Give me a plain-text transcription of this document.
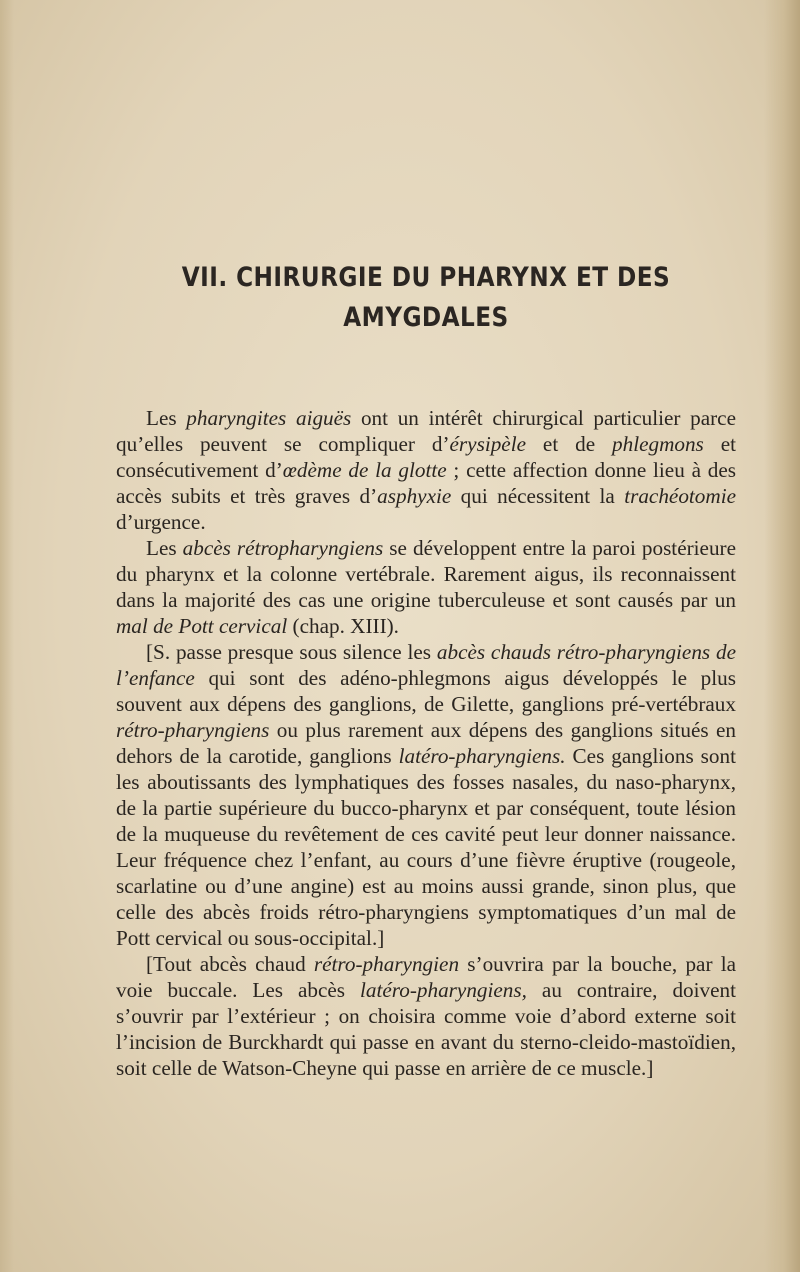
VII. CHIRURGIE DU PHARYNX ET DES
AMYGDALES

Les pharyngites aiguës ont un intérêt chirurgical particulier parce qu’elles peuvent se compliquer d’érysipèle et de phlegmons et consécutivement d’œdème de la glotte ; cette affection donne lieu à des accès subits et très graves d’asphyxie qui nécessitent la trachéotomie d’urgence.

Les abcès rétropharyngiens se développent entre la paroi postérieure du pharynx et la colonne vertébrale. Rarement aigus, ils reconnaissent dans la majorité des cas une origine tuberculeuse et sont causés par un mal de Pott cervical (chap. XIII).

[S. passe presque sous silence les abcès chauds rétro-pharyngiens de l’enfance qui sont des adéno-phlegmons aigus développés le plus souvent aux dépens des ganglions, de Gilette, ganglions pré-vertébraux rétro-pharyngiens ou plus rarement aux dépens des ganglions situés en dehors de la carotide, ganglions latéro-pharyngiens. Ces ganglions sont les aboutissants des lymphatiques des fosses nasales, du naso-pharynx, de la partie supérieure du bucco-pharynx et par conséquent, toute lésion de la muqueuse du revêtement de ces cavité peut leur donner naissance. Leur fréquence chez l’enfant, au cours d’une fièvre éruptive (rougeole, scarlatine ou d’une angine) est au moins aussi grande, sinon plus, que celle des abcès froids rétro-pharyngiens symptomatiques d’un mal de Pott cervical ou sous-occipital.]

[Tout abcès chaud rétro-pharyngien s’ouvrira par la bouche, par la voie buccale. Les abcès latéro-pharyngiens, au contraire, doivent s’ouvrir par l’extérieur ; on choisira comme voie d’abord externe soit l’incision de Burckhardt qui passe en avant du sterno-cleido-mastoïdien, soit celle de Watson-Cheyne qui passe en arrière de ce muscle.]
